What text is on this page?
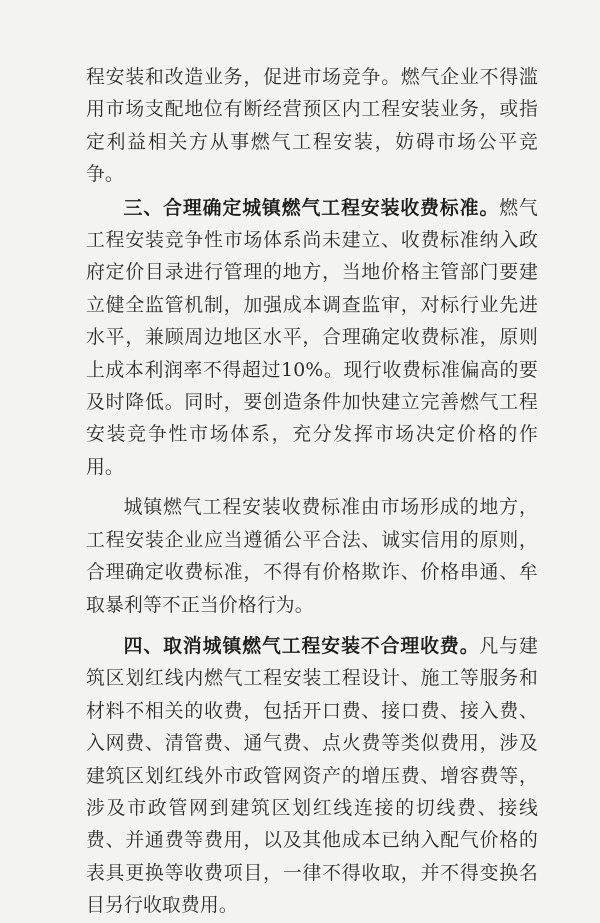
程安装和改造业务，促进市场竞争。燃气企业不得滥用市场支配地位有断经营预区内工程安装业务，或指定利益相关方从事燃气工程安装，妨碍市场公平竞争。

三、合理确定城镇燃气工程安装收费标准。燃气工程安装竞争性市场体系尚未建立、收费标准纳入政府定价目录进行管理的地方，当地价格主管部门要建立健全监管机制，加强成本调查监审，对标行业先进水平，兼顾周边地区水平，合理确定收费标准，原则上成本利润率不得超过10%。现行收费标准偏高的要及时降低。同时，要创造条件加快建立完善燃气工程安装竞争性市场体系，充分发挥市场决定价格的作用。

城镇燃气工程安装收费标准由市场形成的地方，工程安装企业应当遵循公平合法、诚实信用的原则，合理确定收费标准，不得有价格欺诈、价格串通、牟取暴利等不正当价格行为。

四、取消城镇燃气工程安装不合理收费。凡与建筑区划红线内燃气工程安装工程设计、施工等服务和材料不相关的收费，包括开口费、接口费、接入费、入网费、清管费、通气费、点火费等类似费用，涉及建筑区划红线外市政管网资产的增压费、增容费等，涉及市政管网到建筑区划红线连接的切线费、接线费、并通费等费用，以及其他成本已纳入配气价格的表具更换等收费项目，一律不得收取，并不得变换名目另行收取费用。
